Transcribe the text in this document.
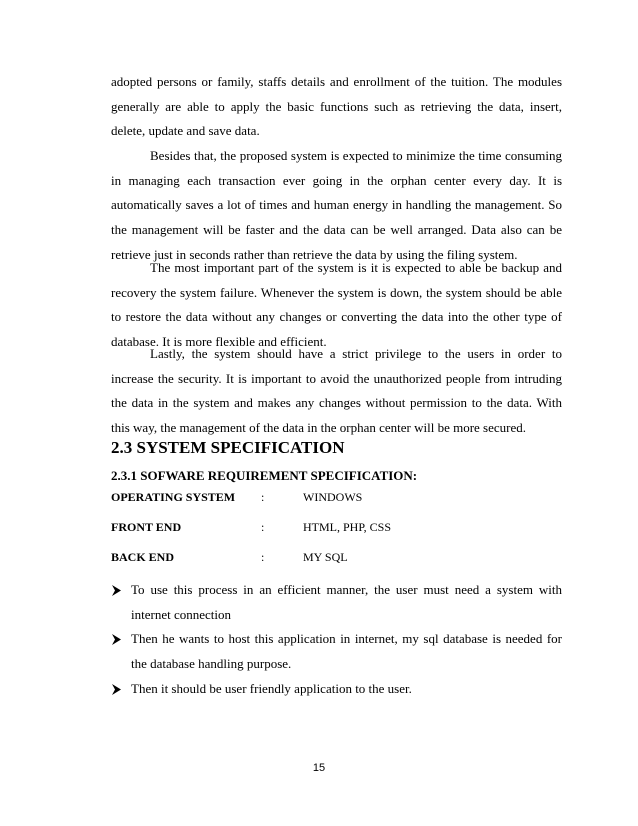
adopted persons or family, staffs details and enrollment of the tuition. The modules generally are able to apply the basic functions such as retrieving the data, insert, delete, update and save data.

Besides that, the proposed system is expected to minimize the time consuming in managing each transaction ever going in the orphan center every day. It is automatically saves a lot of times and human energy in handling the management. So the management will be faster and the data can be well arranged. Data also can be retrieve just in seconds rather than retrieve the data by using the filing system.

The most important part of the system is it is expected to able be backup and recovery the system failure. Whenever the system is down, the system should be able to restore the data without any changes or converting the data into the other type of database. It is more flexible and efficient.

Lastly, the system should have a strict privilege to the users in order to increase the security. It is important to avoid the unauthorized people from intruding the data in the system and makes any changes without permission to the data. With this way, the management of the data in the orphan center will be more secured.

2.3 SYSTEM SPECIFICATION
2.3.1 SOFWARE REQUIREMENT SPECIFICATION:
OPERATING SYSTEM :	WINDOWS
FRONT END	:	HTML, PHP, CSS
BACK END	:	MY SQL
To use this process in an efficient manner, the user must need a system with internet connection
Then he wants to host this application in internet, my sql database is needed for the database handling purpose.
Then it should be user friendly application to the user.
15
